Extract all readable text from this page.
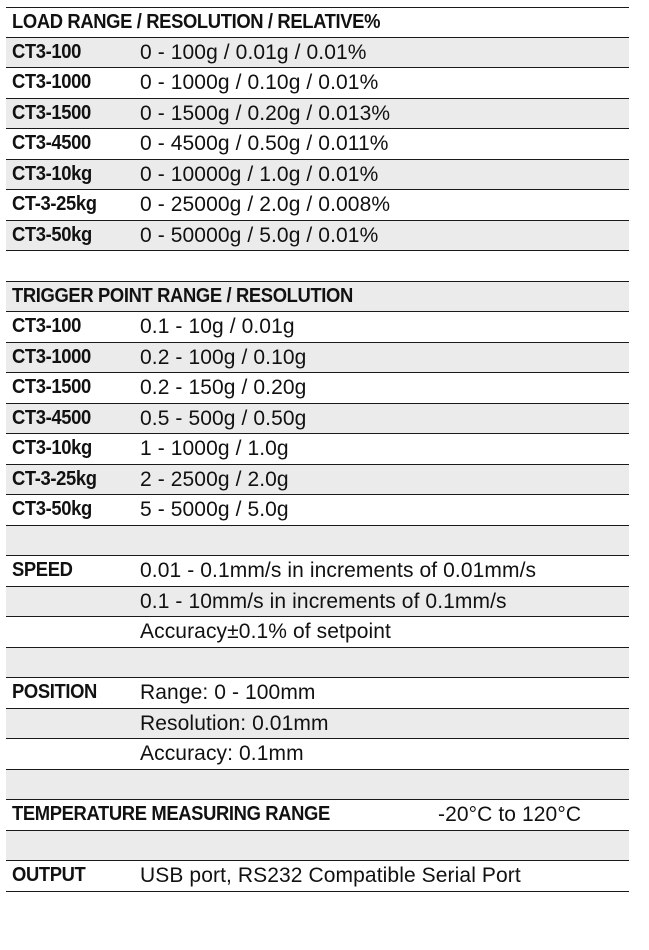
LOAD RANGE / RESOLUTION / RELATIVE%
CT3-100	0 - 100g / 0.01g / 0.01%
CT3-1000 0 - 1000g / 0.10g / 0.01%
CT3-1500 0 - 1500g / 0.20g / 0.013%
CT3-4500 0 - 4500g / 0.50g / 0.011%
CT3-10kg 0 - 10000g / 1.0g / 0.01%
CT-3-25kg 0 - 25000g / 2.0g / 0.008%
CT3-50kg 0 - 50000g / 5.0g / 0.01%
TRIGGER POINT RANGE / RESOLUTION
CT3-100	0.1 - 10g / 0.01g
CT3-1000 0.2 - 100g / 0.10g
CT3-1500 0.2 - 150g / 0.20g
CT3-4500 0.5 - 500g / 0.50g
CT3-10kg 1 - 1000g / 1.0g
CT-3-25kg 2 - 2500g / 2.0g
CT3-50kg 5 - 5000g / 5.0g
SPEED	0.01 - 0.1mm/s in increments of 0.01mm/s
0.1 - 10mm/s in increments of 0.1mm/s
Accuracy±0.1% of setpoint
POSITION Range: 0 - 100mm
Resolution: 0.01mm
Accuracy: 0.1mm
TEMPERATURE MEASURING RANGE	-20°C to 120°C
OUTPUT	USB port, RS232 Compatible Serial Port
